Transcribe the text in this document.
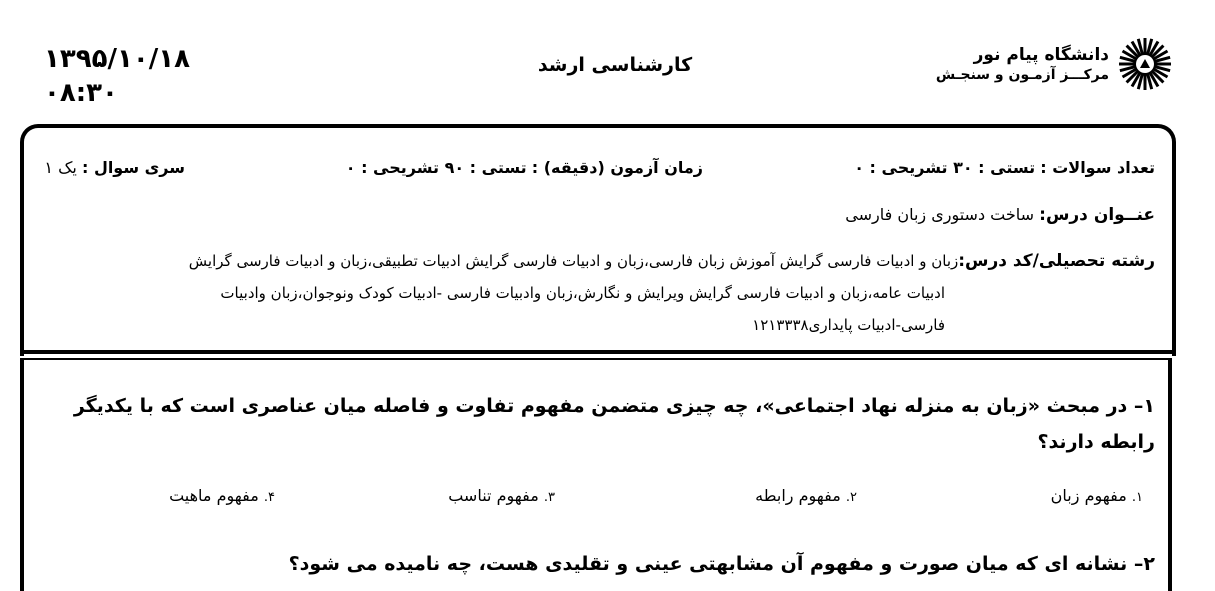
۱۳۹۵/۱۰/۱۸
۰۸:۳۰
کارشناسی ارشد	دانشگاه پیام نور
مرکـــز آزمـون و سنجـش
تعداد سوالات : تستی : ۳۰ تشریحی : ۰
زمان آزمون (دقیقه) : تستی : ۹۰ تشریحی : ۰
سری سوال : یک ۱
عنــوان درس: ساخت دستوری زبان فارسی
رشته تحصیلی/کد درس:زبان و ادبیات فارسی گرایش آموزش زبان فارسی،زبان و ادبیات فارسی گرایش ادبیات تطبیقی،زبان و ادبیات فارسی گرایش
ادبیات عامه،زبان و ادبیات فارسی گرایش ویرایش و نگارش،زبان وادبیات فارسی -ادبیات کودک ونوجوان،زبان وادبیات
فارسی-ادبیات پایداری۱۲۱۳۳۳۸
۱– در مبحث «زبان به منزله نهاد اجتماعی»، چه چیزی متضمن مفهوم تفاوت و فاصله میان عناصری است که با یکدیگر رابطه دارند؟
۱. مفهوم زبان
۲. مفهوم رابطه
۳. مفهوم تناسب
۴. مفهوم ماهیت
۲– نشانه ای که میان صورت و مفهوم آن مشابهتی عینی و تقلیدی هست، چه نامیده می شود؟
